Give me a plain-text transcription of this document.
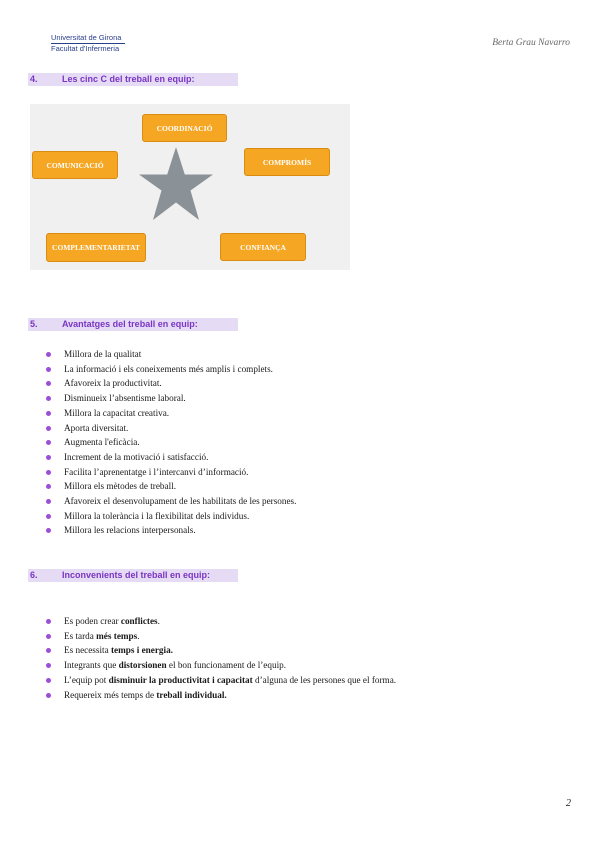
Universitat de Girona
Facultat d'Infermeria
Berta Grau Navarro
4.	Les cinc C del treball en equip:
COORDINACIÓ
COMPROMÍS
COMUNICACIÓ
COMPLEMENTARIETAT	CONFIANÇA
5.	Avantatges del treball en equip:
Millora de la qualitat
La informació i els coneixements més amplis i complets.
Afavoreix la productivitat.
Disminueix l’absentisme laboral.
Millora la capacitat creativa.
Aporta diversitat.
Augmenta l'eficàcia.
Increment de la motivació i satisfacció.
Facilita l’aprenentatge i l’intercanvi d’informació.
Millora els mètodes de treball.
Afavoreix el desenvolupament de les habilitats de les persones.
Millora la tolerància i la flexibilitat dels individus.
Millora les relacions interpersonals.
6.	Inconvenients del treball en equip:
Es poden crear conflictes.
Es tarda més temps.
Es necessita temps i energia.
Integrants que distorsionen el bon funcionament de l’equip.
L’equip pot disminuir la productivitat i capacitat d’alguna de les persones que el forma.
Requereix més temps de treball individual.
2
